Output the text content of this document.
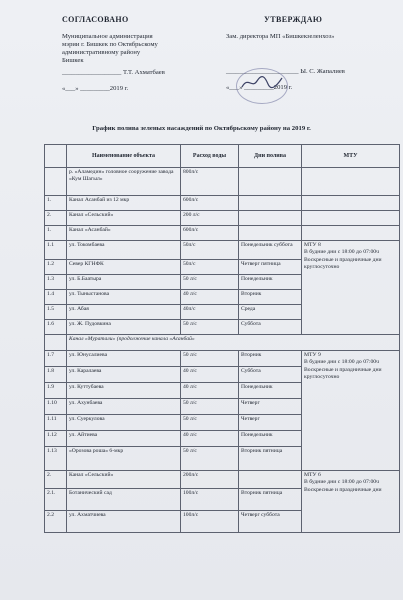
СОГЛАСОВАНО
Муниципальное администрация
мэрии г. Бишкек по Октябрьскому
административному району
Бишкек
__________________ Т.Т. Ахматбаев
«___» _________2019 г.
УТВЕРЖДАЮ
Зам. директора МП «Бишкекзеленхоз»
______________________ Ы. С. Жапалиев
«___» _________2019 г.
График полива зеленых насаждений по Октябрьскому району на 2019 г.
	Наименование объекта	Расход воды	Дни полива	МТУ
	р. «Аламедин» головное сооружение завода «Кум Шагыл»	800л/с		
1.	Канал Асанбай из 12 мкр	600л/с		
2.	Канал «Сельский»	200 л/с		
1.	Канал «Асанбай»	600л/с		
1.1	ул. Токомбаева	50л/с	Понедельник суббота	МТУ 8
В будние дни с 18:00 до 07:00ч
Воскресные и праздничные дни круглосуточно
1.2	Север КГНФК	50л/с	Четверг пятница	
1.3	ул. Б.Баатыра	50 л/с	Понедельник	
1.4	ул. Тыныстанова	40 л/с	Вторник	
1.5	ул. Абая	40л/с	Среда	
1.6	ул. Ж. Пудовкина	50 л/с	Суббота	
	Канал «Муратали» (продолжение канала «Асанбай»			
1.7	ул. Юнусалиева	50 л/с	Вторник	МТУ 9
В будние дни с 18:00 до 07:00ч
Воскресные и праздничные дни круглосуточно
1.8	ул. Каралаева	40 л/с	Суббота	
1.9	ул. Куттубаева	40 л/с	Понедельник	
1.10	ул. Ахунбаева	50 л/с	Четверг	
1.11	ул. Суеркулова	50 л/с	Четверг	
1.12	ул. Айтиева	40 л/с	Понедельник	
1.13	«Орозова роша» 6-мкр	50 л/с	Вторник пятница	
2.	Канал «Сельский»	200л/с		МТУ 6
В будние дни с 18:00 до 07:00ч
Воскресные и праздничные дни
2.1.	Ботанический сад	100л/с	Вторник пятница	
2.2	ул. Ахматчиева	100л/с	Четверг суббота	
